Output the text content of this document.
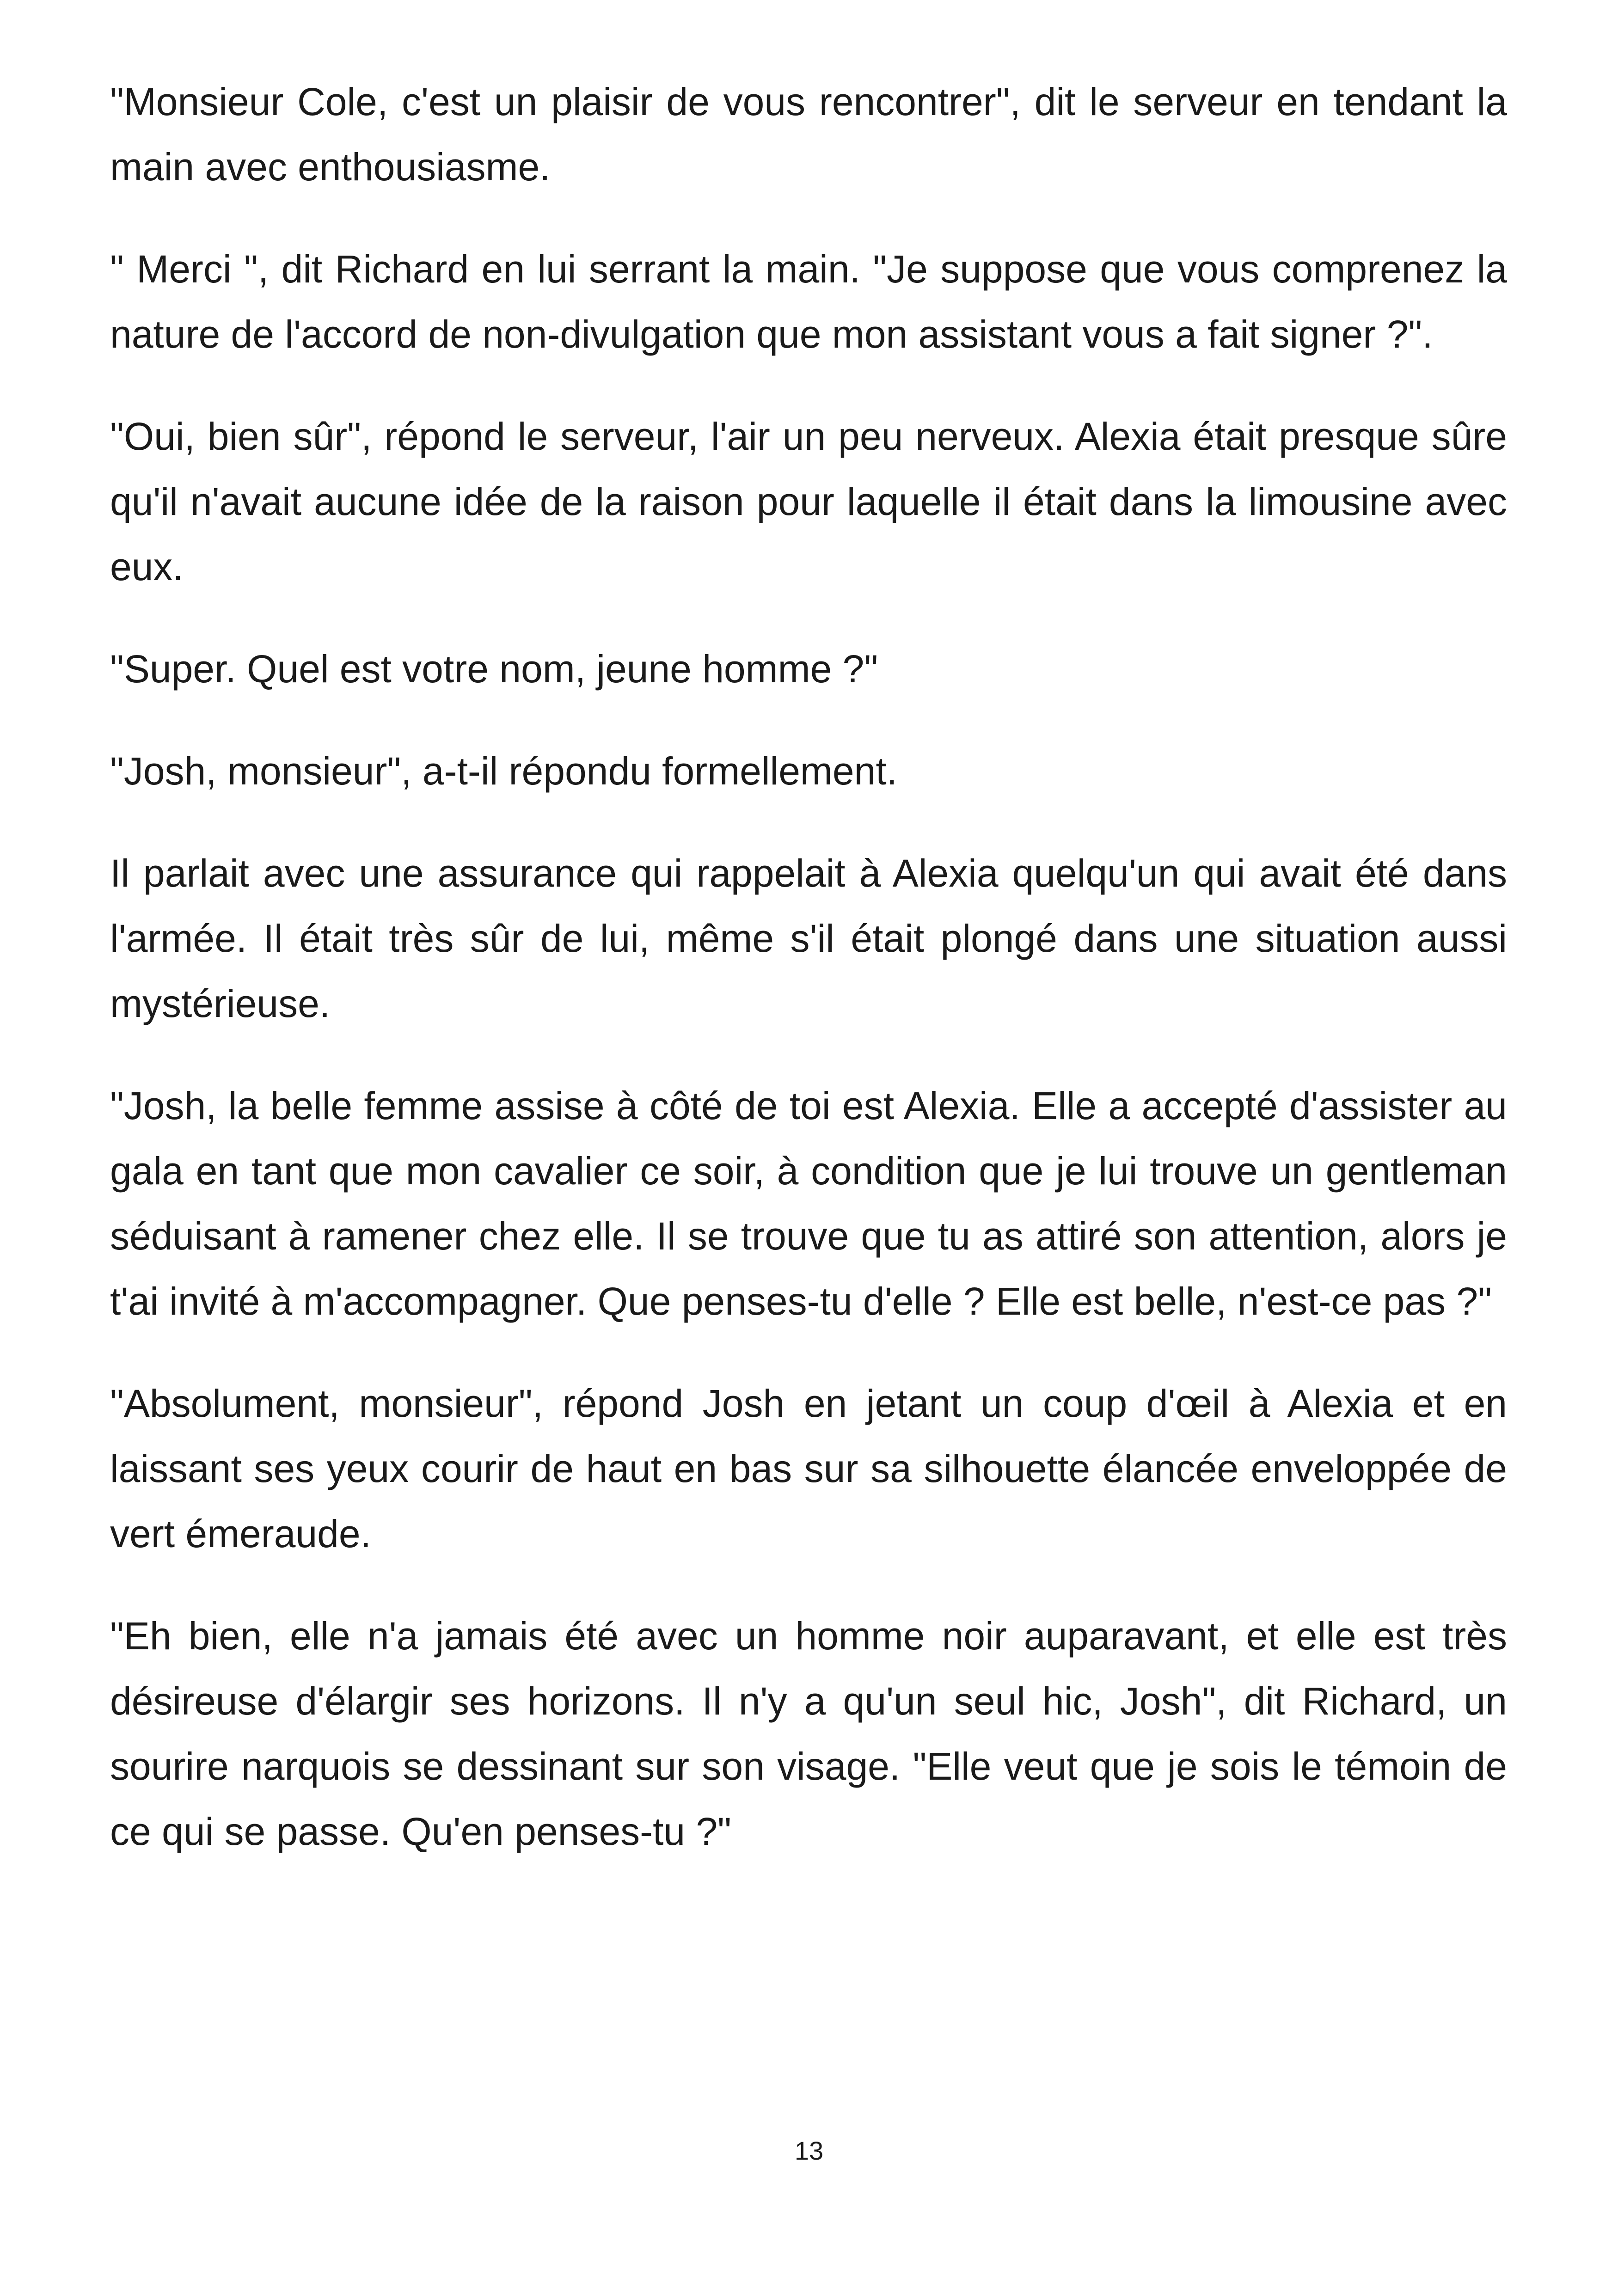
"Monsieur Cole, c'est un plaisir de vous rencontrer", dit le serveur en tendant la main avec enthousiasme.

" Merci ", dit Richard en lui serrant la main. "Je suppose que vous comprenez la nature de l'accord de non-divulgation que mon assistant vous a fait signer ?".

"Oui, bien sûr", répond le serveur, l'air un peu nerveux. Alexia était presque sûre qu'il n'avait aucune idée de la raison pour laquelle il était dans la limousine avec eux.

"Super. Quel est votre nom, jeune homme ?"

"Josh, monsieur", a-t-il répondu formellement.

Il parlait avec une assurance qui rappelait à Alexia quelqu'un qui avait été dans l'armée. Il était très sûr de lui, même s'il était plongé dans une situation aussi mystérieuse.

"Josh, la belle femme assise à côté de toi est Alexia. Elle a accepté d'assister au gala en tant que mon cavalier ce soir, à condition que je lui trouve un gentleman séduisant à ramener chez elle. Il se trouve que tu as attiré son attention, alors je t'ai invité à m'accompagner. Que penses-tu d'elle ? Elle est belle, n'est-ce pas ?"

"Absolument, monsieur", répond Josh en jetant un coup d'œil à Alexia et en laissant ses yeux courir de haut en bas sur sa silhouette élancée enveloppée de vert émeraude.

"Eh bien, elle n'a jamais été avec un homme noir auparavant, et elle est très désireuse d'élargir ses horizons. Il n'y a qu'un seul hic, Josh", dit Richard, un sourire narquois se dessinant sur son visage. "Elle veut que je sois le témoin de ce qui se passe. Qu'en penses-tu ?"

13
